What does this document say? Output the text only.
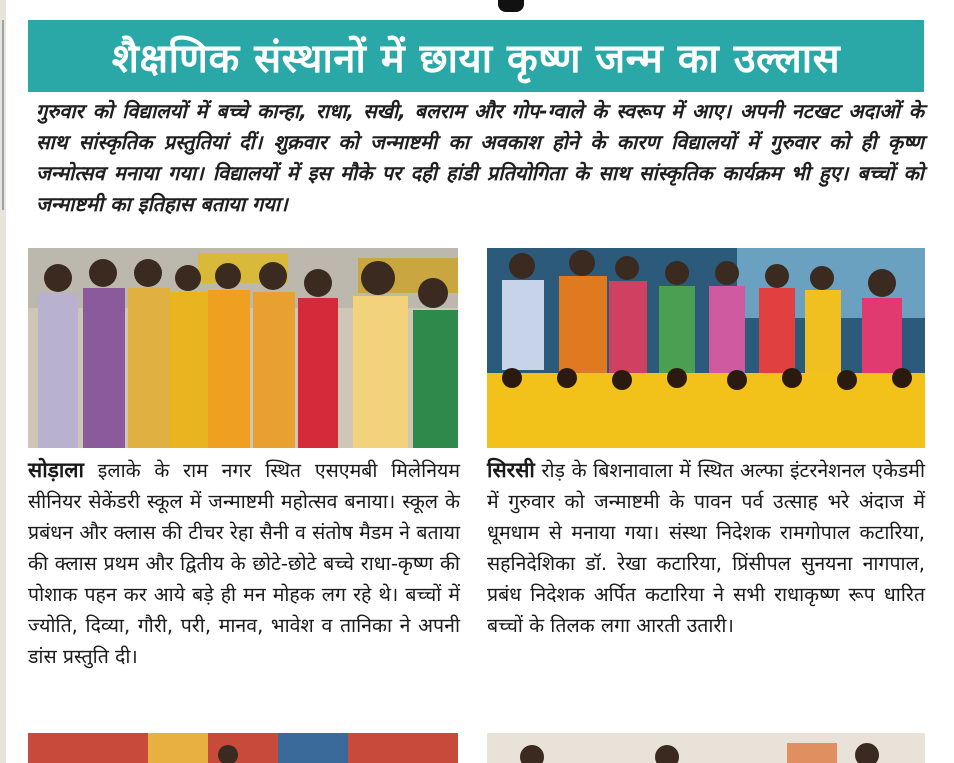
शैक्षणिक संस्थानों में छाया कृष्ण जन्म का उल्लास

गुरुवार को विद्यालयों में बच्चे कान्हा, राधा, सखी, बलराम और गोप-ग्वाले के स्वरूप में आए। अपनी नटखट अदाओं के साथ सांस्कृतिक प्रस्तुतियां दीं। शुक्रवार को जन्माष्टमी का अवकाश होने के कारण विद्यालयों में गुरुवार को ही कृष्ण जन्मोत्सव मनाया गया। विद्यालयों में इस मौके पर दही हांडी प्रतियोगिता के साथ सांस्कृतिक कार्यक्रम भी हुए। बच्चों को जन्माष्टमी का इतिहास बताया गया।

सोड़ाला इलाके के राम नगर स्थित एसएमबी मिलेनियम सीनियर सेकेंडरी स्कूल में जन्माष्टमी महोत्सव बनाया। स्कूल के प्रबंधन और क्लास की टीचर रेहा सैनी व संतोष मैडम ने बताया की क्लास प्रथम और द्वितीय के छोटे-छोटे बच्चे राधा-कृष्ण की पोशाक पहन कर आये बड़े ही मन मोहक लग रहे थे। बच्चों में ज्योति, दिव्या, गौरी, परी, मानव, भावेश व तानिका ने अपनी डांस प्रस्तुति दी।
सिरसी रोड़ के बिशनावाला में स्थित अल्फा इंटरनेशनल एकेडमी में गुरुवार को जन्माष्टमी के पावन पर्व उत्साह भरे अंदाज में धूमधाम से मनाया गया। संस्था निदेशक रामगोपाल कटारिया, सहनिदेशिका डॉ. रेखा कटारिया, प्रिंसीपल सुनयना नागपाल, प्रबंध निदेशक अर्पित कटारिया ने सभी राधाकृष्ण रूप धारित बच्चों के तिलक लगा आरती उतारी।
